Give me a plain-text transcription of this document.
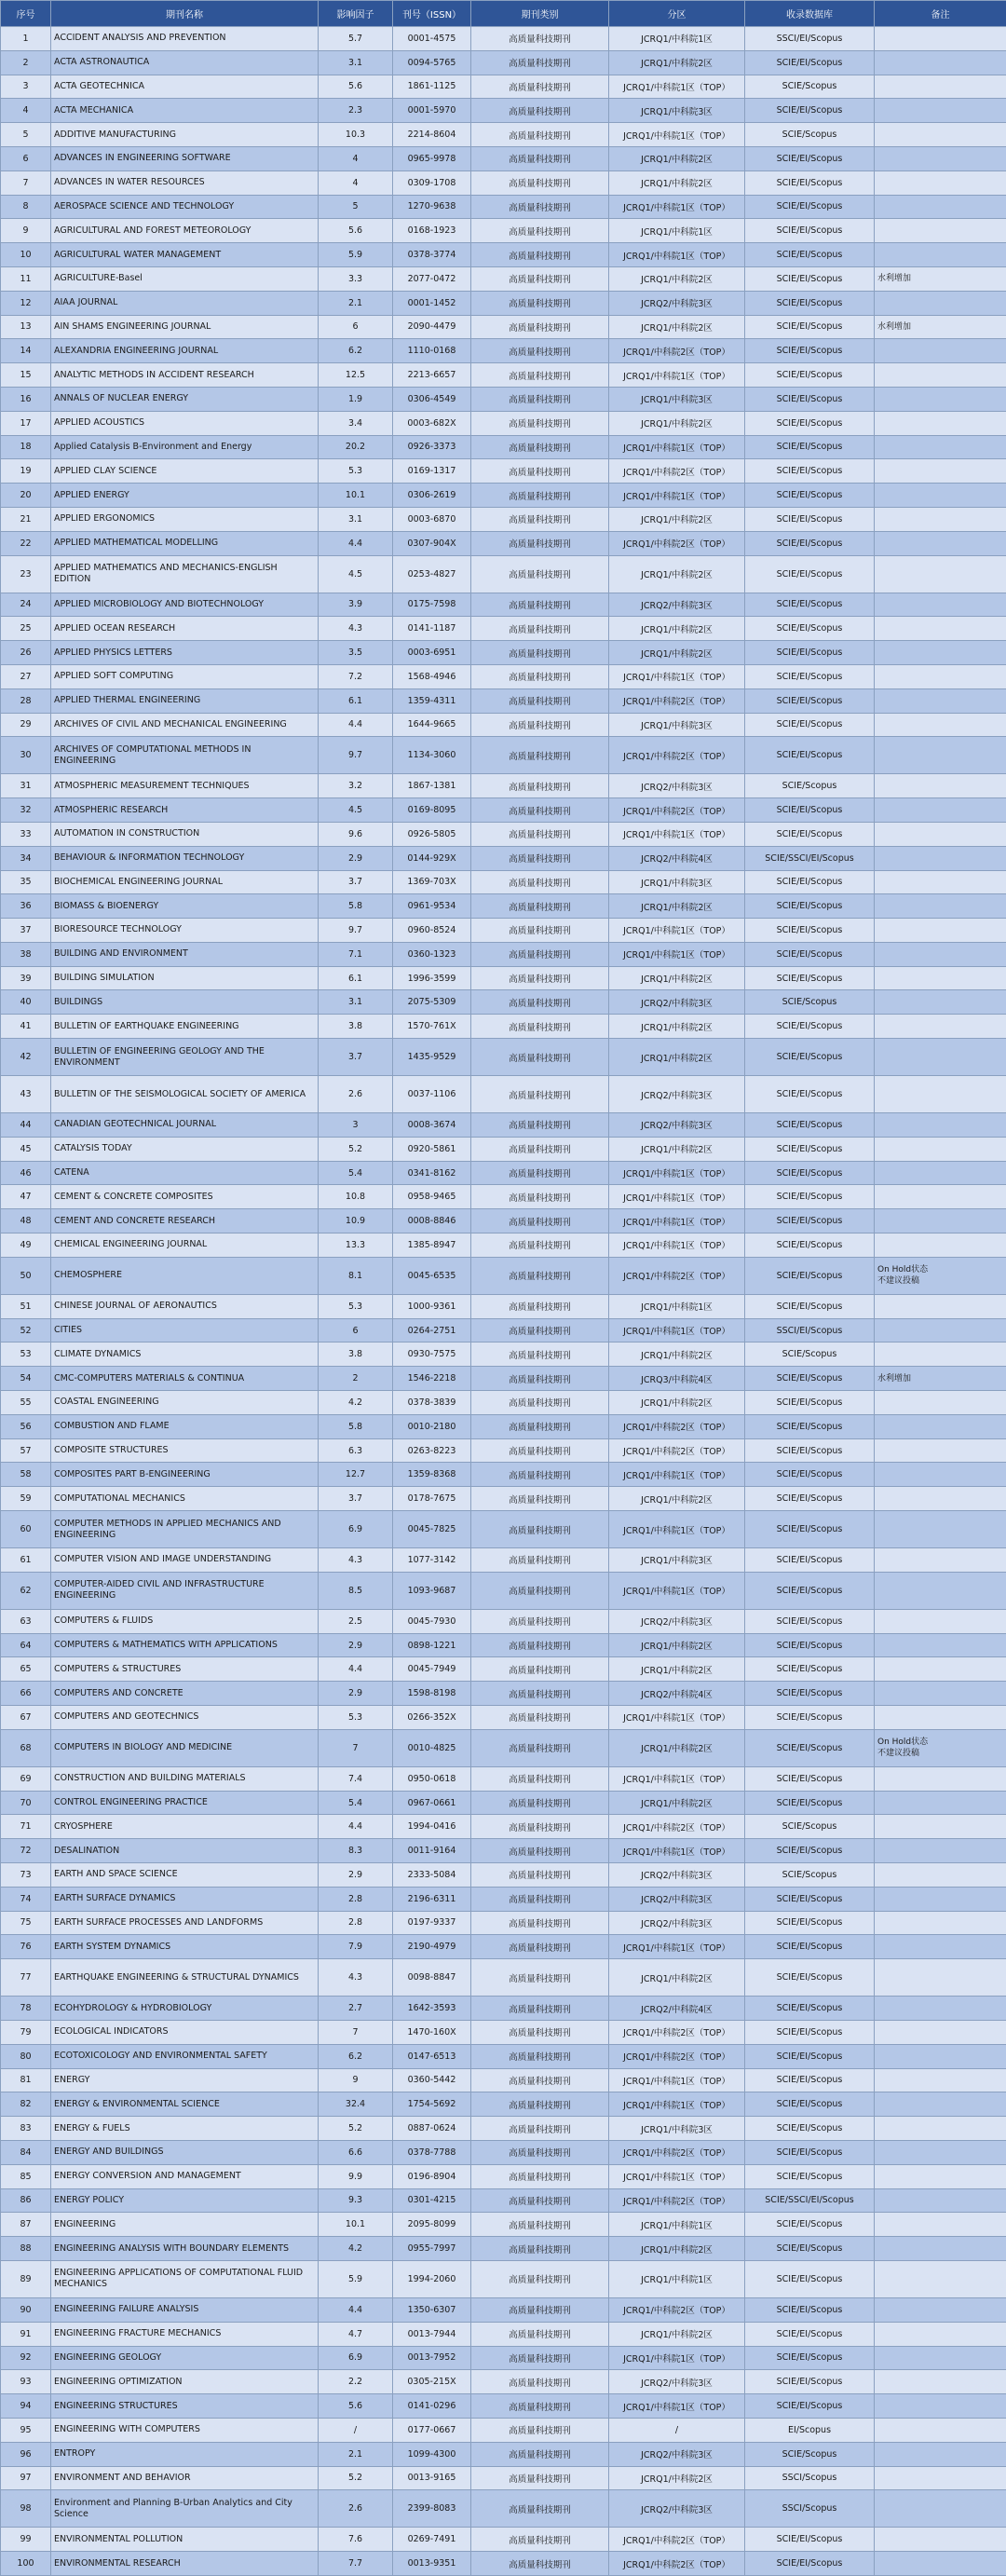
序号	期刊名称	影响因子	刊号（ISSN）	期刊类别	分区	收录数据库	备注
1	ACCIDENT ANALYSIS AND PREVENTION	5.7	0001-4575	高质量科技期刊	JCRQ1/中科院1区	SSCI/EI/Scopus	
2	ACTA ASTRONAUTICA	3.1	0094-5765	高质量科技期刊	JCRQ1/中科院2区	SCIE/EI/Scopus	
3	ACTA GEOTECHNICA	5.6	1861-1125	高质量科技期刊	JCRQ1/中科院1区（TOP）	SCIE/Scopus	
4	ACTA MECHANICA	2.3	0001-5970	高质量科技期刊	JCRQ1/中科院3区	SCIE/EI/Scopus	
5	ADDITIVE MANUFACTURING	10.3	2214-8604	高质量科技期刊	JCRQ1/中科院1区（TOP）	SCIE/Scopus	
6	ADVANCES IN ENGINEERING SOFTWARE	4	0965-9978	高质量科技期刊	JCRQ1/中科院2区	SCIE/EI/Scopus	
7	ADVANCES IN WATER RESOURCES	4	0309-1708	高质量科技期刊	JCRQ1/中科院2区	SCIE/EI/Scopus	
8	AEROSPACE SCIENCE AND TECHNOLOGY	5	1270-9638	高质量科技期刊	JCRQ1/中科院1区（TOP）	SCIE/EI/Scopus	
9	AGRICULTURAL AND FOREST METEOROLOGY	5.6	0168-1923	高质量科技期刊	JCRQ1/中科院1区	SCIE/EI/Scopus	
10	AGRICULTURAL WATER MANAGEMENT	5.9	0378-3774	高质量科技期刊	JCRQ1/中科院1区（TOP）	SCIE/EI/Scopus	
11	AGRICULTURE-Basel	3.3	2077-0472	高质量科技期刊	JCRQ1/中科院2区	SCIE/EI/Scopus	水利增加
12	AIAA JOURNAL	2.1	0001-1452	高质量科技期刊	JCRQ2/中科院3区	SCIE/EI/Scopus	
13	AIN SHAMS ENGINEERING JOURNAL	6	2090-4479	高质量科技期刊	JCRQ1/中科院2区	SCIE/EI/Scopus	水利增加
14	ALEXANDRIA ENGINEERING JOURNAL	6.2	1110-0168	高质量科技期刊	JCRQ1/中科院2区（TOP）	SCIE/EI/Scopus	
15	ANALYTIC METHODS IN ACCIDENT RESEARCH	12.5	2213-6657	高质量科技期刊	JCRQ1/中科院1区（TOP）	SCIE/EI/Scopus	
16	ANNALS OF NUCLEAR ENERGY	1.9	0306-4549	高质量科技期刊	JCRQ1/中科院3区	SCIE/EI/Scopus	
17	APPLIED ACOUSTICS	3.4	0003-682X	高质量科技期刊	JCRQ1/中科院2区	SCIE/EI/Scopus	
18	Applied Catalysis B-Environment and Energy	20.2	0926-3373	高质量科技期刊	JCRQ1/中科院1区（TOP）	SCIE/EI/Scopus	
19	APPLIED CLAY SCIENCE	5.3	0169-1317	高质量科技期刊	JCRQ1/中科院2区（TOP）	SCIE/EI/Scopus	
20	APPLIED ENERGY	10.1	0306-2619	高质量科技期刊	JCRQ1/中科院1区（TOP）	SCIE/EI/Scopus	
21	APPLIED ERGONOMICS	3.1	0003-6870	高质量科技期刊	JCRQ1/中科院2区	SCIE/EI/Scopus	
22	APPLIED MATHEMATICAL MODELLING	4.4	0307-904X	高质量科技期刊	JCRQ1/中科院2区（TOP）	SCIE/EI/Scopus	
23	APPLIED MATHEMATICS AND MECHANICS-ENGLISH EDITION	4.5	0253-4827	高质量科技期刊	JCRQ1/中科院2区	SCIE/EI/Scopus	
24	APPLIED MICROBIOLOGY AND BIOTECHNOLOGY	3.9	0175-7598	高质量科技期刊	JCRQ2/中科院3区	SCIE/EI/Scopus	
25	APPLIED OCEAN RESEARCH	4.3	0141-1187	高质量科技期刊	JCRQ1/中科院2区	SCIE/EI/Scopus	
26	APPLIED PHYSICS LETTERS	3.5	0003-6951	高质量科技期刊	JCRQ1/中科院2区	SCIE/EI/Scopus	
27	APPLIED SOFT COMPUTING	7.2	1568-4946	高质量科技期刊	JCRQ1/中科院1区（TOP）	SCIE/EI/Scopus	
28	APPLIED THERMAL ENGINEERING	6.1	1359-4311	高质量科技期刊	JCRQ1/中科院2区（TOP）	SCIE/EI/Scopus	
29	ARCHIVES OF CIVIL AND MECHANICAL ENGINEERING	4.4	1644-9665	高质量科技期刊	JCRQ1/中科院3区	SCIE/EI/Scopus	
30	ARCHIVES OF COMPUTATIONAL METHODS IN ENGINEERING	9.7	1134-3060	高质量科技期刊	JCRQ1/中科院2区（TOP）	SCIE/EI/Scopus	
31	ATMOSPHERIC MEASUREMENT TECHNIQUES	3.2	1867-1381	高质量科技期刊	JCRQ2/中科院3区	SCIE/Scopus	
32	ATMOSPHERIC RESEARCH	4.5	0169-8095	高质量科技期刊	JCRQ1/中科院2区（TOP）	SCIE/EI/Scopus	
33	AUTOMATION IN CONSTRUCTION	9.6	0926-5805	高质量科技期刊	JCRQ1/中科院1区（TOP）	SCIE/EI/Scopus	
34	BEHAVIOUR & INFORMATION TECHNOLOGY	2.9	0144-929X	高质量科技期刊	JCRQ2/中科院4区	SCIE/SSCI/EI/Scopus	
35	BIOCHEMICAL ENGINEERING JOURNAL	3.7	1369-703X	高质量科技期刊	JCRQ1/中科院3区	SCIE/EI/Scopus	
36	BIOMASS & BIOENERGY	5.8	0961-9534	高质量科技期刊	JCRQ1/中科院2区	SCIE/EI/Scopus	
37	BIORESOURCE TECHNOLOGY	9.7	0960-8524	高质量科技期刊	JCRQ1/中科院1区（TOP）	SCIE/EI/Scopus	
38	BUILDING AND ENVIRONMENT	7.1	0360-1323	高质量科技期刊	JCRQ1/中科院1区（TOP）	SCIE/EI/Scopus	
39	BUILDING SIMULATION	6.1	1996-3599	高质量科技期刊	JCRQ1/中科院2区	SCIE/EI/Scopus	
40	BUILDINGS	3.1	2075-5309	高质量科技期刊	JCRQ2/中科院3区	SCIE/Scopus	
41	BULLETIN OF EARTHQUAKE ENGINEERING	3.8	1570-761X	高质量科技期刊	JCRQ1/中科院2区	SCIE/EI/Scopus	
42	BULLETIN OF ENGINEERING GEOLOGY AND THE ENVIRONMENT	3.7	1435-9529	高质量科技期刊	JCRQ1/中科院2区	SCIE/EI/Scopus	
43	BULLETIN OF THE SEISMOLOGICAL SOCIETY OF AMERICA	2.6	0037-1106	高质量科技期刊	JCRQ2/中科院3区	SCIE/EI/Scopus	
44	CANADIAN GEOTECHNICAL JOURNAL	3	0008-3674	高质量科技期刊	JCRQ2/中科院3区	SCIE/EI/Scopus	
45	CATALYSIS TODAY	5.2	0920-5861	高质量科技期刊	JCRQ1/中科院2区	SCIE/EI/Scopus	
46	CATENA	5.4	0341-8162	高质量科技期刊	JCRQ1/中科院1区（TOP）	SCIE/EI/Scopus	
47	CEMENT & CONCRETE COMPOSITES	10.8	0958-9465	高质量科技期刊	JCRQ1/中科院1区（TOP）	SCIE/EI/Scopus	
48	CEMENT AND CONCRETE RESEARCH	10.9	0008-8846	高质量科技期刊	JCRQ1/中科院1区（TOP）	SCIE/EI/Scopus	
49	CHEMICAL ENGINEERING JOURNAL	13.3	1385-8947	高质量科技期刊	JCRQ1/中科院1区（TOP）	SCIE/EI/Scopus	
50	CHEMOSPHERE	8.1	0045-6535	高质量科技期刊	JCRQ1/中科院2区（TOP）	SCIE/EI/Scopus	On Hold状态
不建议投稿
51	CHINESE JOURNAL OF AERONAUTICS	5.3	1000-9361	高质量科技期刊	JCRQ1/中科院1区	SCIE/EI/Scopus	
52	CITIES	6	0264-2751	高质量科技期刊	JCRQ1/中科院1区（TOP）	SSCI/EI/Scopus	
53	CLIMATE DYNAMICS	3.8	0930-7575	高质量科技期刊	JCRQ1/中科院2区	SCIE/Scopus	
54	CMC-COMPUTERS MATERIALS & CONTINUA	2	1546-2218	高质量科技期刊	JCRQ3/中科院4区	SCIE/EI/Scopus	水利增加
55	COASTAL ENGINEERING	4.2	0378-3839	高质量科技期刊	JCRQ1/中科院2区	SCIE/EI/Scopus	
56	COMBUSTION AND FLAME	5.8	0010-2180	高质量科技期刊	JCRQ1/中科院2区（TOP）	SCIE/EI/Scopus	
57	COMPOSITE STRUCTURES	6.3	0263-8223	高质量科技期刊	JCRQ1/中科院2区（TOP）	SCIE/EI/Scopus	
58	COMPOSITES PART B-ENGINEERING	12.7	1359-8368	高质量科技期刊	JCRQ1/中科院1区（TOP）	SCIE/EI/Scopus	
59	COMPUTATIONAL MECHANICS	3.7	0178-7675	高质量科技期刊	JCRQ1/中科院2区	SCIE/EI/Scopus	
60	COMPUTER METHODS IN APPLIED MECHANICS AND ENGINEERING	6.9	0045-7825	高质量科技期刊	JCRQ1/中科院1区（TOP）	SCIE/EI/Scopus	
61	COMPUTER VISION AND IMAGE UNDERSTANDING	4.3	1077-3142	高质量科技期刊	JCRQ1/中科院3区	SCIE/EI/Scopus	
62	COMPUTER-AIDED CIVIL AND INFRASTRUCTURE ENGINEERING	8.5	1093-9687	高质量科技期刊	JCRQ1/中科院1区（TOP）	SCIE/EI/Scopus	
63	COMPUTERS & FLUIDS	2.5	0045-7930	高质量科技期刊	JCRQ2/中科院3区	SCIE/EI/Scopus	
64	COMPUTERS & MATHEMATICS WITH APPLICATIONS	2.9	0898-1221	高质量科技期刊	JCRQ1/中科院2区	SCIE/EI/Scopus	
65	COMPUTERS & STRUCTURES	4.4	0045-7949	高质量科技期刊	JCRQ1/中科院2区	SCIE/EI/Scopus	
66	COMPUTERS AND CONCRETE	2.9	1598-8198	高质量科技期刊	JCRQ2/中科院4区	SCIE/EI/Scopus	
67	COMPUTERS AND GEOTECHNICS	5.3	0266-352X	高质量科技期刊	JCRQ1/中科院1区（TOP）	SCIE/EI/Scopus	
68	COMPUTERS IN BIOLOGY AND MEDICINE	7	0010-4825	高质量科技期刊	JCRQ1/中科院2区	SCIE/EI/Scopus	On Hold状态
不建议投稿
69	CONSTRUCTION AND BUILDING MATERIALS	7.4	0950-0618	高质量科技期刊	JCRQ1/中科院1区（TOP）	SCIE/EI/Scopus	
70	CONTROL ENGINEERING PRACTICE	5.4	0967-0661	高质量科技期刊	JCRQ1/中科院2区	SCIE/EI/Scopus	
71	CRYOSPHERE	4.4	1994-0416	高质量科技期刊	JCRQ1/中科院2区（TOP）	SCIE/Scopus	
72	DESALINATION	8.3	0011-9164	高质量科技期刊	JCRQ1/中科院1区（TOP）	SCIE/EI/Scopus	
73	EARTH AND SPACE SCIENCE	2.9	2333-5084	高质量科技期刊	JCRQ2/中科院3区	SCIE/Scopus	
74	EARTH SURFACE DYNAMICS	2.8	2196-6311	高质量科技期刊	JCRQ2/中科院3区	SCIE/EI/Scopus	
75	EARTH SURFACE PROCESSES AND LANDFORMS	2.8	0197-9337	高质量科技期刊	JCRQ2/中科院3区	SCIE/EI/Scopus	
76	EARTH SYSTEM DYNAMICS	7.9	2190-4979	高质量科技期刊	JCRQ1/中科院1区（TOP）	SCIE/EI/Scopus	
77	EARTHQUAKE ENGINEERING & STRUCTURAL DYNAMICS	4.3	0098-8847	高质量科技期刊	JCRQ1/中科院2区	SCIE/EI/Scopus	
78	ECOHYDROLOGY & HYDROBIOLOGY	2.7	1642-3593	高质量科技期刊	JCRQ2/中科院4区	SCIE/EI/Scopus	
79	ECOLOGICAL INDICATORS	7	1470-160X	高质量科技期刊	JCRQ1/中科院2区（TOP）	SCIE/EI/Scopus	
80	ECOTOXICOLOGY AND ENVIRONMENTAL SAFETY	6.2	0147-6513	高质量科技期刊	JCRQ1/中科院2区（TOP）	SCIE/EI/Scopus	
81	ENERGY	9	0360-5442	高质量科技期刊	JCRQ1/中科院1区（TOP）	SCIE/EI/Scopus	
82	ENERGY & ENVIRONMENTAL SCIENCE	32.4	1754-5692	高质量科技期刊	JCRQ1/中科院1区（TOP）	SCIE/EI/Scopus	
83	ENERGY & FUELS	5.2	0887-0624	高质量科技期刊	JCRQ1/中科院3区	SCIE/EI/Scopus	
84	ENERGY AND BUILDINGS	6.6	0378-7788	高质量科技期刊	JCRQ1/中科院2区（TOP）	SCIE/EI/Scopus	
85	ENERGY CONVERSION AND MANAGEMENT	9.9	0196-8904	高质量科技期刊	JCRQ1/中科院1区（TOP）	SCIE/EI/Scopus	
86	ENERGY POLICY	9.3	0301-4215	高质量科技期刊	JCRQ1/中科院2区（TOP）	SCIE/SSCI/EI/Scopus	
87	ENGINEERING	10.1	2095-8099	高质量科技期刊	JCRQ1/中科院1区	SCIE/EI/Scopus	
88	ENGINEERING ANALYSIS WITH BOUNDARY ELEMENTS	4.2	0955-7997	高质量科技期刊	JCRQ1/中科院2区	SCIE/EI/Scopus	
89	ENGINEERING APPLICATIONS OF COMPUTATIONAL FLUID MECHANICS	5.9	1994-2060	高质量科技期刊	JCRQ1/中科院1区	SCIE/EI/Scopus	
90	ENGINEERING FAILURE ANALYSIS	4.4	1350-6307	高质量科技期刊	JCRQ1/中科院2区（TOP）	SCIE/EI/Scopus	
91	ENGINEERING FRACTURE MECHANICS	4.7	0013-7944	高质量科技期刊	JCRQ1/中科院2区	SCIE/EI/Scopus	
92	ENGINEERING GEOLOGY	6.9	0013-7952	高质量科技期刊	JCRQ1/中科院1区（TOP）	SCIE/EI/Scopus	
93	ENGINEERING OPTIMIZATION	2.2	0305-215X	高质量科技期刊	JCRQ2/中科院3区	SCIE/EI/Scopus	
94	ENGINEERING STRUCTURES	5.6	0141-0296	高质量科技期刊	JCRQ1/中科院1区（TOP）	SCIE/EI/Scopus	
95	ENGINEERING WITH COMPUTERS	/	0177-0667	高质量科技期刊	/	EI/Scopus	
96	ENTROPY	2.1	1099-4300	高质量科技期刊	JCRQ2/中科院3区	SCIE/Scopus	
97	ENVIRONMENT AND BEHAVIOR	5.2	0013-9165	高质量科技期刊	JCRQ1/中科院2区	SSCI/Scopus	
98	Environment and Planning B-Urban Analytics and City Science	2.6	2399-8083	高质量科技期刊	JCRQ2/中科院3区	SSCI/Scopus	
99	ENVIRONMENTAL POLLUTION	7.6	0269-7491	高质量科技期刊	JCRQ1/中科院2区（TOP）	SCIE/EI/Scopus	
100	ENVIRONMENTAL RESEARCH	7.7	0013-9351	高质量科技期刊	JCRQ1/中科院2区（TOP）	SCIE/EI/Scopus	
